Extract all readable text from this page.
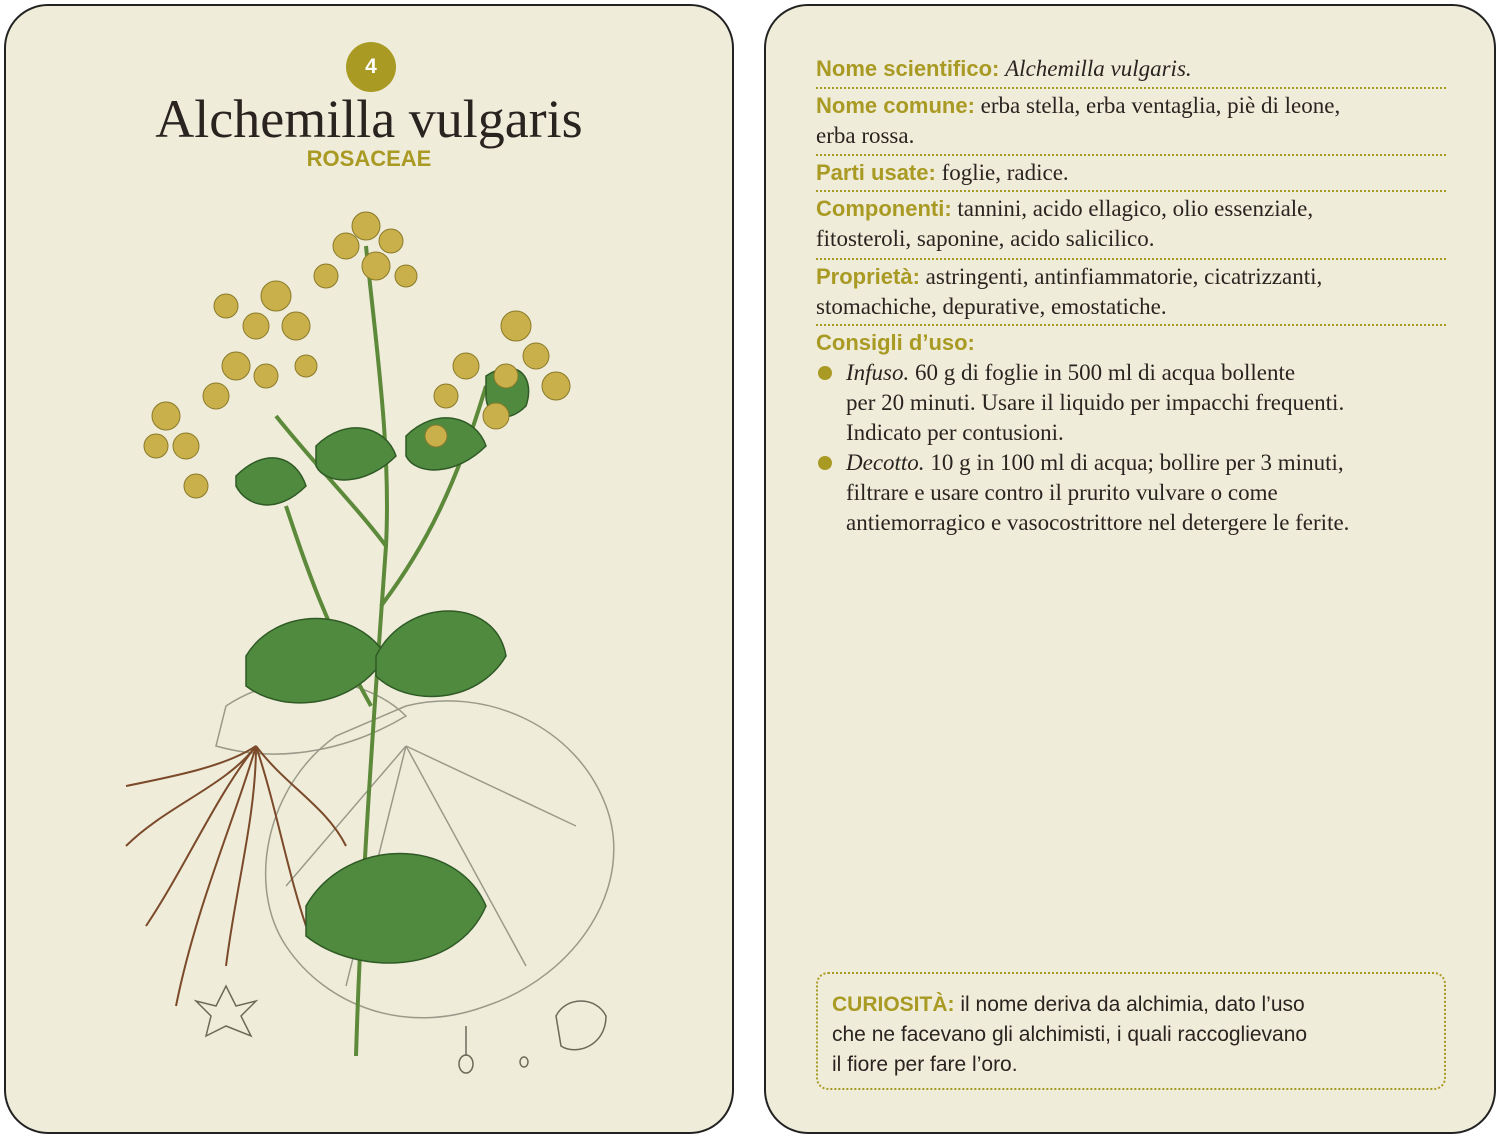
4
Alchemilla vulgaris
ROSACEAE
Nome scientifico: Alchemilla vulgaris.
Nome comune: erba stella, erba ventaglia, piè di leone,
erba rossa.
Parti usate: foglie, radice.
Componenti: tannini, acido ellagico, olio essenziale,
fitosteroli, saponine, acido salicilico.
Proprietà: astringenti, antinfiammatorie, cicatrizzanti,
stomachiche, depurative, emostatiche.
Consigli d’uso:
Infuso. 60 g di foglie in 500 ml di acqua bollente
per 20 minuti. Usare il liquido per impacchi frequenti.
Indicato per contusioni.
Decotto. 10 g in 100 ml di acqua; bollire per 3 minuti,
filtrare e usare contro il prurito vulvare o come
antiemorragico e vasocostrittore nel detergere le ferite.
CURIOSITÀ: il nome deriva da alchimia, dato l’uso
che ne facevano gli alchimisti, i quali raccoglievano
il fiore per fare l’oro.
